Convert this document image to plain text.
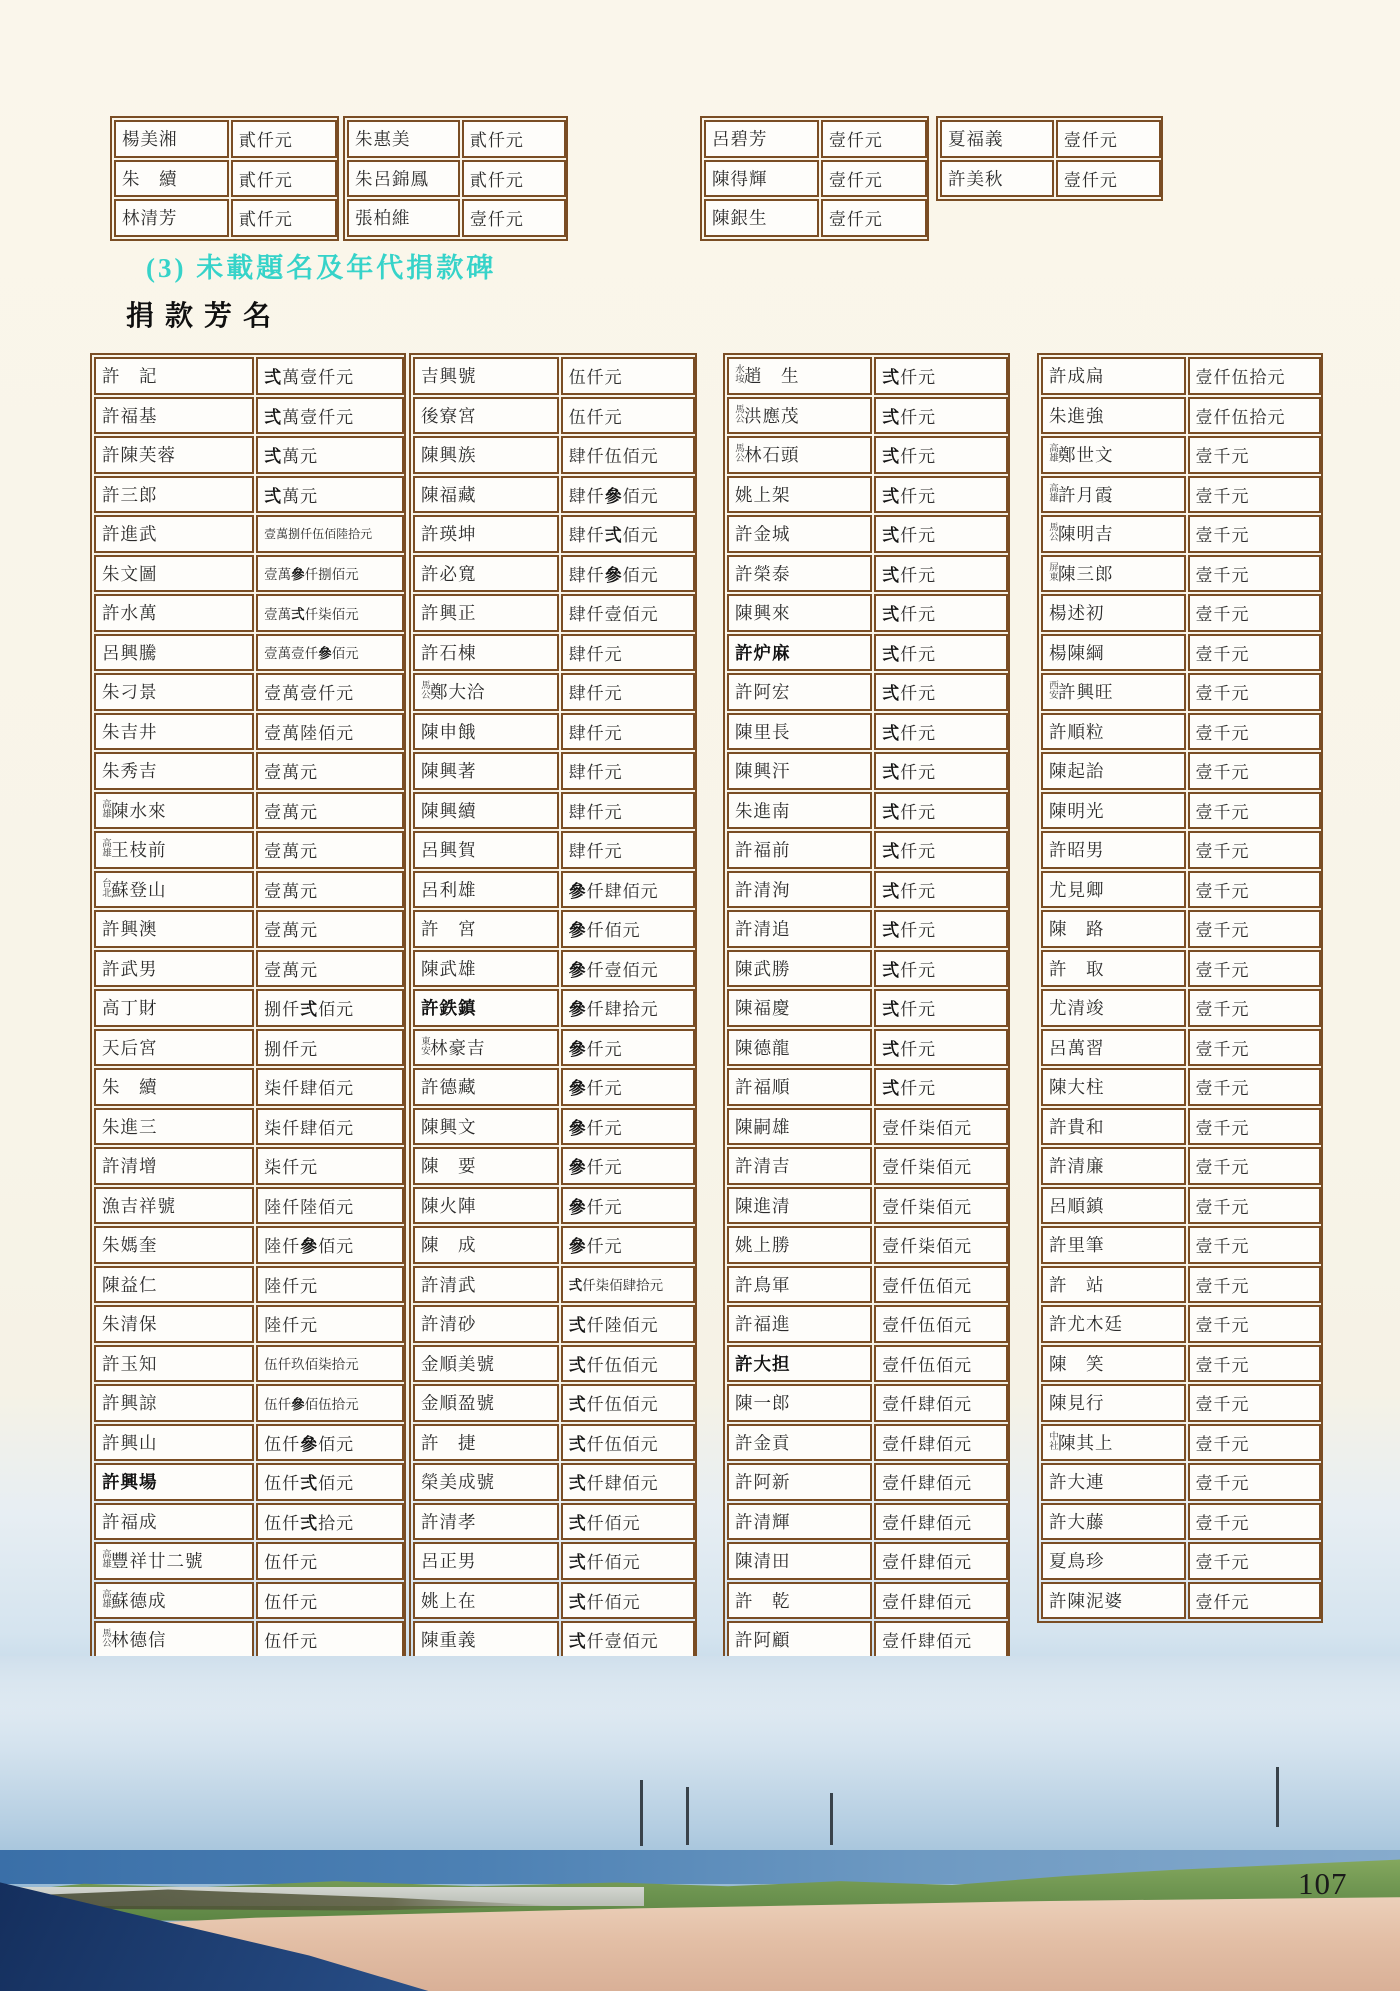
楊美湘	貳仟元
朱　續	貳仟元
林清芳	貳仟元
朱惠美	貳仟元
朱呂錦鳳	貳仟元
張柏維	壹仟元
呂碧芳	壹仟元
陳得輝	壹仟元
陳銀生	壹仟元
夏福義	壹仟元
許美秋	壹仟元
(3) 未載題名及年代捐款碑
捐款芳名
許　記	弍 萬壹仟元
許福基	弍 萬壹仟元
許陳芙蓉	弍 萬元
許三郎	弍 萬元
許進武	壹萬捌仟伍佰陸拾元
朱文圖	壹萬 參 仟捌佰元
許水萬	壹萬 弍 仟柒佰元
呂興騰	壹萬壹仟 參 佰元
朱刁景	壹萬壹仟元
朱吉井	壹萬陸佰元
朱秀吉	壹萬元
高雄 陳水來	壹萬元
高雄 王枝前	壹萬元
台北 蘇登山	壹萬元
許興澳	壹萬元
許武男	壹萬元
高丁財	捌仟 弍 佰元
天后宮	捌仟元
朱　續	柒仟肆佰元
朱進三	柒仟肆佰元
許清增	柒仟元
漁吉祥號	陸仟陸佰元
朱媽奎	陸仟 參 佰元
陳益仁	陸仟元
朱清保	陸仟元
許玉知	伍仟玖佰柒拾元
許興諒	伍仟 參 佰伍拾元
許興山	伍仟 參 佰元
許興場	伍仟 弍 佰元
許福成	伍仟 弍 拾元
高雄 豐祥廿二號	伍仟元
高雄 蘇德成	伍仟元
馬公 林德信	伍仟元
吉興號	伍仟元
後寮宮	伍仟元
陳興族	肆仟伍佰元
陳福藏	肆仟 參 佰元
許瑛坤	肆仟 弍 佰元
許必寬	肆仟 參 佰元
許興正	肆仟壹佰元
許石棟	肆仟元
馬公 鄭大洽	肆仟元
陳申餓	肆仟元
陳興著	肆仟元
陳興續	肆仟元
呂興賀	肆仟元
呂利雄	參 仟肆佰元
許　宮	參 仟佰元
陳武雄	參 仟壹佰元
許鉄鎮	參 仟肆拾元
東安 林豪吉	參 仟元
許德藏	參 仟元
陳興文	參 仟元
陳　要	參 仟元
陳火陣	參 仟元
陳　成	參 仟元
許清武	弍 仟柒佰肆拾元
許清砂	弍 仟陸佰元
金順美號	弍 仟伍佰元
金順盈號	弍 仟伍佰元
許　捷	弍 仟伍佰元
榮美成號	弍 仟肆佰元
許清孝	弍 仟佰元
呂正男	弍 仟佰元
姚上在	弍 仟佰元
陳重義	弍 仟壹佰元
水垵 趙　生	弍 仟元
馬公 洪應茂	弍 仟元
馬公 林石頭	弍 仟元
姚上架	弍 仟元
許金城	弍 仟元
許榮泰	弍 仟元
陳興來	弍 仟元
許炉麻	弍 仟元
許阿宏	弍 仟元
陳里長	弍 仟元
陳興汗	弍 仟元
朱進南	弍 仟元
許福前	弍 仟元
許清洵	弍 仟元
許清追	弍 仟元
陳武勝	弍 仟元
陳福慶	弍 仟元
陳德龍	弍 仟元
許福順	弍 仟元
陳嗣雄	壹仟柒佰元
許清吉	壹仟柒佰元
陳進清	壹仟柒佰元
姚上勝	壹仟柒佰元
許鳥軍	壹仟伍佰元
許福進	壹仟伍佰元
許大担	壹仟伍佰元
陳一郎	壹仟肆佰元
許金貢	壹仟肆佰元
許阿新	壹仟肆佰元
許清輝	壹仟肆佰元
陳清田	壹仟肆佰元
許　乾	壹仟肆佰元
許阿顧	壹仟肆佰元
許成扁	壹仟伍拾元
朱進強	壹仟伍拾元
高雄 鄭世文	壹千元
高雄 許月霞	壹千元
馬公 陳明吉	壹千元
屏東 陳三郎	壹千元
楊述初	壹千元
楊陳綱	壹千元
西安 許興旺	壹千元
許順粒	壹千元
陳起詒	壹千元
陳明光	壹千元
許昭男	壹千元
尤見卿	壹千元
陳　路	壹千元
許　取	壹千元
尤清竣	壹千元
呂萬習	壹千元
陳大柱	壹千元
許貴和	壹千元
許清廉	壹千元
呂順鎮	壹千元
許里筆	壹千元
許　站	壹千元
許尤木廷	壹千元
陳　笑	壹千元
陳見行	壹千元
中社 陳其上	壹千元
許大連	壹千元
許大藤	壹千元
夏鳥珍	壹千元
許陳泥婆	壹仟元
107
